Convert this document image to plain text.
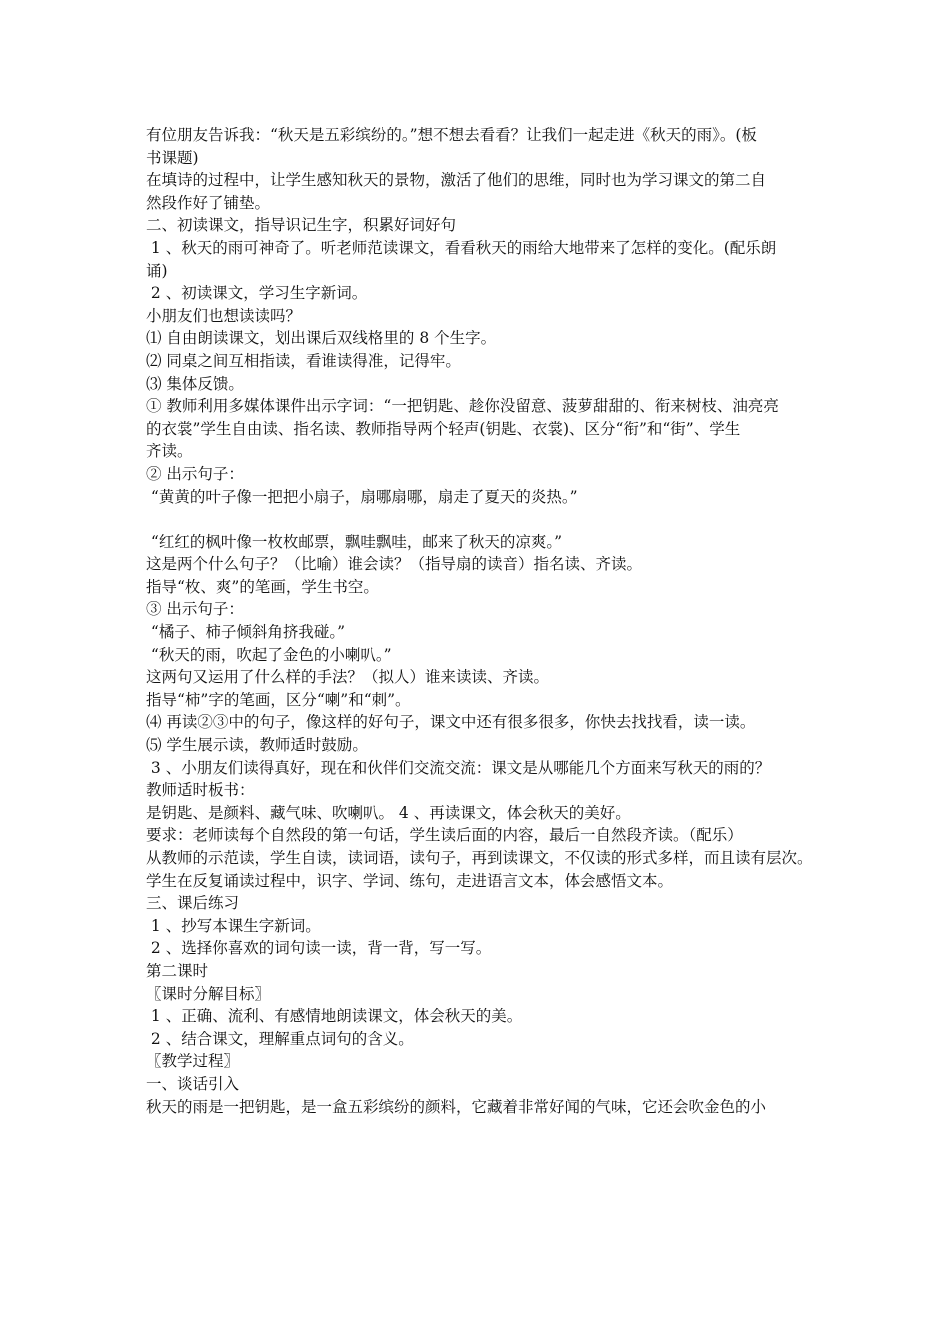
有位朋友告诉我：“秋天是五彩缤纷的。”想不想去看看？让我们一起走进《秋天的雨》。(板
书课题)
在填诗的过程中，让学生感知秋天的景物，激活了他们的思维，同时也为学习课文的第二自
然段作好了铺垫。
二、初读课文，指导识记生字，积累好词好句
1 、秋天的雨可神奇了。听老师范读课文，看看秋天的雨给大地带来了怎样的变化。(配乐朗
诵)
2 、初读课文，学习生字新词。
小朋友们也想读读吗？
⑴ 自由朗读课文，划出课后双线格里的 8 个生字。
⑵ 同桌之间互相指读，看谁读得准，记得牢。
⑶ 集体反馈。
① 教师利用多媒体课件出示字词：“一把钥匙、趁你没留意、菠萝甜甜的、衔来树枝、油亮亮
的衣裳”学生自由读、指名读、教师指导两个轻声(钥匙、衣裳)、区分“衔”和“街”、学生
齐读。
② 出示句子：
“黄黄的叶子像一把把小扇子，扇哪扇哪，扇走了夏天的炎热。”
“红红的枫叶像一枚枚邮票，飘哇飘哇，邮来了秋天的凉爽。”
这是两个什么句子？（比喻）谁会读？（指导扇的读音）指名读、齐读。
指导“枚、爽”的笔画，学生书空。
③ 出示句子：
“橘子、柿子倾斜角挤我碰。”
“秋天的雨，吹起了金色的小喇叭。”
这两句又运用了什么样的手法？（拟人）谁来读读、齐读。
指导“柿”字的笔画，区分“喇”和“刺”。
⑷ 再读②③中的句子，像这样的好句子，课文中还有很多很多，你快去找找看，读一读。
⑸ 学生展示读，教师适时鼓励。
3 、小朋友们读得真好，现在和伙伴们交流交流：课文是从哪能几个方面来写秋天的雨的？
教师适时板书：
是钥匙、是颜料、藏气味、吹喇叭。 4 、再读课文，体会秋天的美好。
要求：老师读每个自然段的第一句话，学生读后面的内容，最后一自然段齐读。（配乐）
从教师的示范读，学生自读，读词语，读句子，再到读课文，不仅读的形式多样，而且读有层次。
学生在反复诵读过程中，识字、学词、练句，走进语言文本，体会感悟文本。
三、课后练习
1 、抄写本课生字新词。
2 、选择你喜欢的词句读一读，背一背，写一写。
第二课时
〖课时分解目标〗
1 、正确、流利、有感情地朗读课文，体会秋天的美。
2 、结合课文，理解重点词句的含义。
〖教学过程〗
一、谈话引入
秋天的雨是一把钥匙，是一盒五彩缤纷的颜料，它藏着非常好闻的气味，它还会吹金色的小
